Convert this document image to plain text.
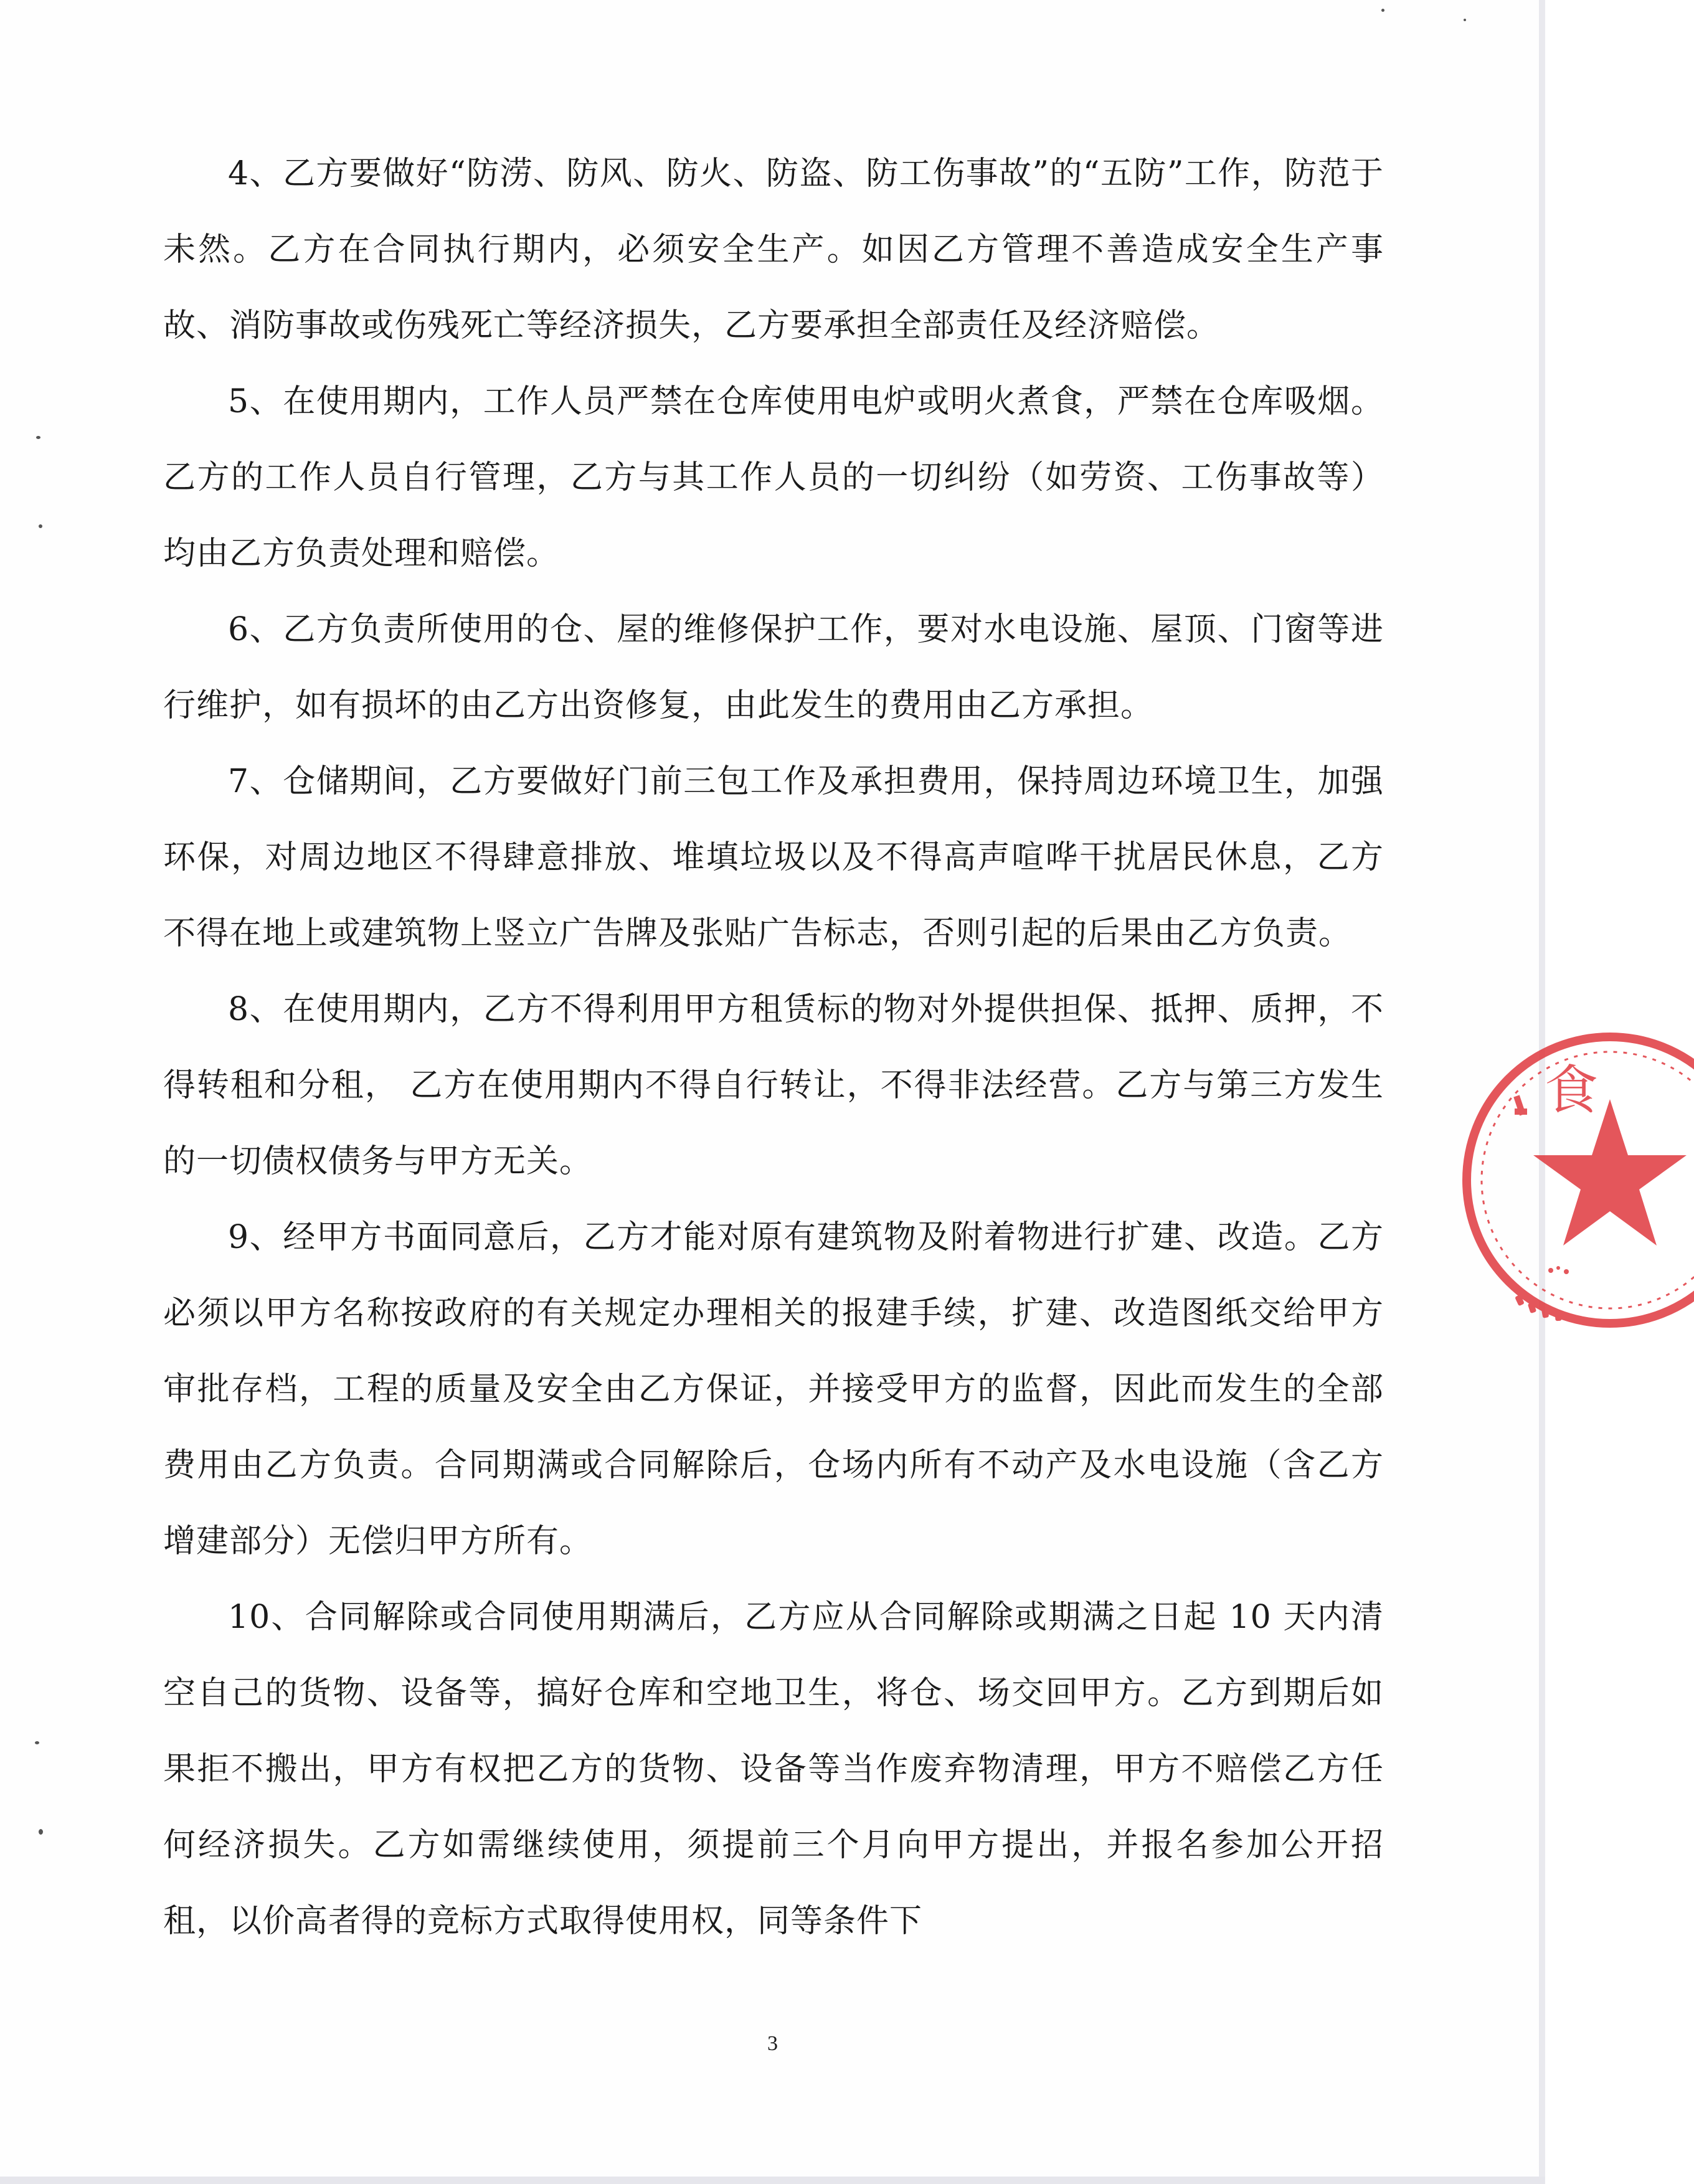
4、乙方要做好“防涝、防风、防火、防盗、防工伤事故”的“五防”工作，防范于未然。乙方在合同执行期内，必须安全生产。如因乙方管理不善造成安全生产事故、消防事故或伤残死亡等经济损失，乙方要承担全部责任及经济赔偿。

5、在使用期内，工作人员严禁在仓库使用电炉或明火煮食，严禁在仓库吸烟。乙方的工作人员自行管理，乙方与其工作人员的一切纠纷（如劳资、工伤事故等）均由乙方负责处理和赔偿。

6、乙方负责所使用的仓、屋的维修保护工作，要对水电设施、屋顶、门窗等进行维护，如有损坏的由乙方出资修复，由此发生的费用由乙方承担。

7、仓储期间，乙方要做好门前三包工作及承担费用，保持周边环境卫生，加强环保，对周边地区不得肆意排放、堆填垃圾以及不得高声喧哗干扰居民休息，乙方不得在地上或建筑物上竖立广告牌及张贴广告标志，否则引起的后果由乙方负责。

8、在使用期内，乙方不得利用甲方租赁标的物对外提供担保、抵押、质押，不得转租和分租， 乙方在使用期内不得自行转让，不得非法经营。乙方与第三方发生的一切债权债务与甲方无关。

9、经甲方书面同意后，乙方才能对原有建筑物及附着物进行扩建、改造。乙方必须以甲方名称按政府的有关规定办理相关的报建手续，扩建、改造图纸交给甲方审批存档，工程的质量及安全由乙方保证，并接受甲方的监督，因此而发生的全部费用由乙方负责。合同期满或合同解除后，仓场内所有不动产及水电设施（含乙方增建部分）无偿归甲方所有。

10、合同解除或合同使用期满后，乙方应从合同解除或期满之日起 10 天内清空自己的货物、设备等，搞好仓库和空地卫生，将仓、场交回甲方。乙方到期后如果拒不搬出，甲方有权把乙方的货物、设备等当作废弃物清理，甲方不赔偿乙方任何经济损失。乙方如需继续使用，须提前三个月向甲方提出，并报名参加公开招租，以价高者得的竞标方式取得使用权，同等条件下

3
食
